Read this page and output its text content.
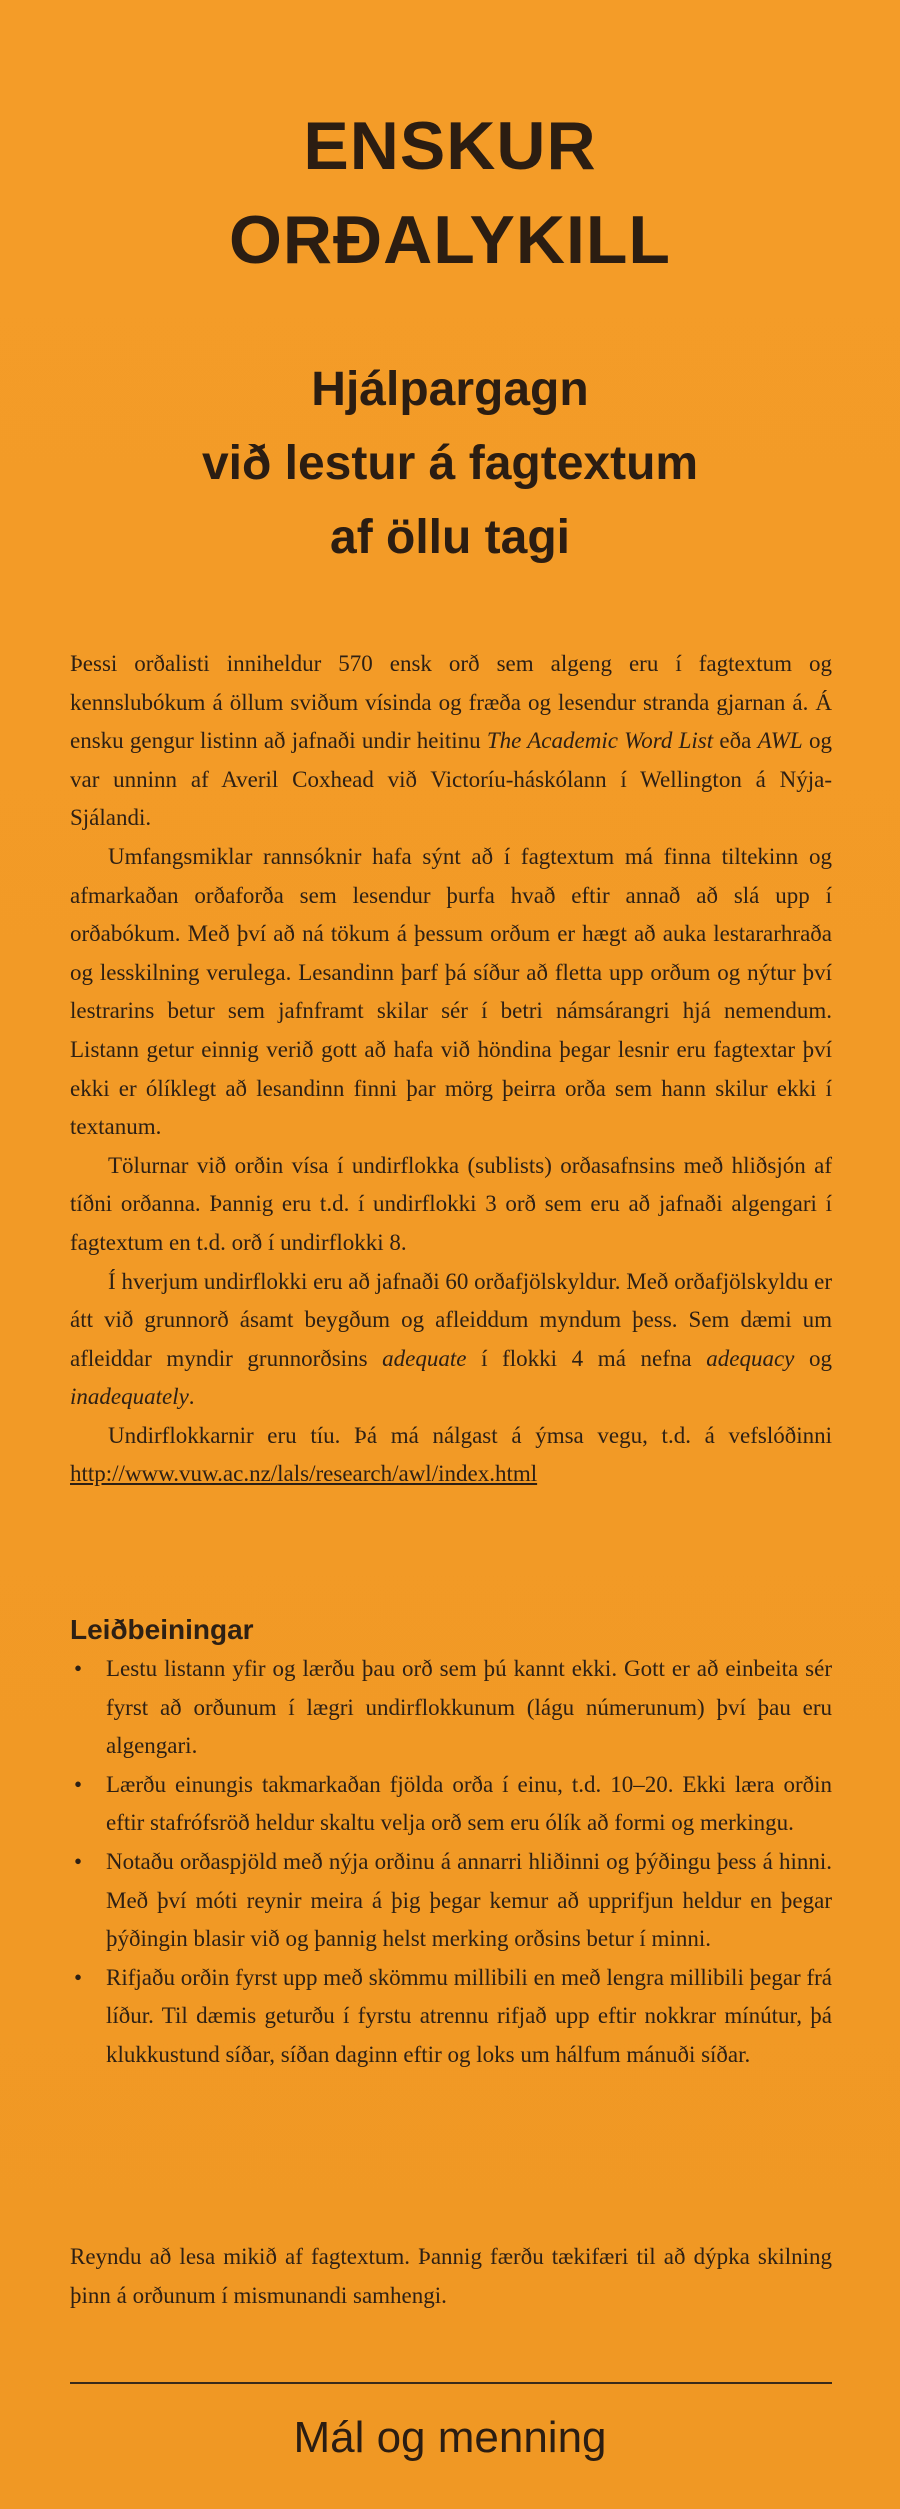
ENSKUR
ORÐALYKILL
Hjálpargagn
við lestur á fagtextum
af öllu tagi

Þessi orðalisti inniheldur 570 ensk orð sem algeng eru í fagtextum og kennslubókum á öllum sviðum vísinda og fræða og lesendur stranda gjarnan á. Á ensku gengur listinn að jafnaði undir heitinu The Academic Word List eða AWL og var unninn af Averil Coxhead við Victoríu-háskólann í Wellington á Nýja-Sjálandi.

Umfangsmiklar rannsóknir hafa sýnt að í fagtextum má finna tiltekinn og afmarkaðan orðaforða sem lesendur þurfa hvað eftir annað að slá upp í orðabókum. Með því að ná tökum á þessum orðum er hægt að auka lestararhraða og lesskilning verulega. Lesandinn þarf þá síður að fletta upp orðum og nýtur því lestrarins betur sem jafnframt skilar sér í betri námsárangri hjá nemendum. Listann getur einnig verið gott að hafa við höndina þegar lesnir eru fagtextar því ekki er ólíklegt að lesandinn finni þar mörg þeirra orða sem hann skilur ekki í textanum.

Tölurnar við orðin vísa í undirflokka (sublists) orðasafnsins með hliðsjón af tíðni orðanna. Þannig eru t.d. í undirflokki 3 orð sem eru að jafnaði algengari í fagtextum en t.d. orð í undirflokki 8.

Í hverjum undirflokki eru að jafnaði 60 orðafjölskyldur. Með orðafjölskyldu er átt við grunnorð ásamt beygðum og afleiddum myndum þess. Sem dæmi um afleiddar myndir grunnorðsins adequate í flokki 4 má nefna adequacy og inadequately.

Undirflokkarnir eru tíu. Þá má nálgast á ýmsa vegu, t.d. á vefslóðinni http://www.vuw.ac.nz/lals/research/awl/index.html

Leiðbeiningar

•	Lestu listann yfir og lærðu þau orð sem þú kannt ekki. Gott er að einbeita sér fyrst að orðunum í lægri undirflokkunum (lágu númerunum) því þau eru algengari.

•	Lærðu einungis takmarkaðan fjölda orða í einu, t.d. 10–20. Ekki læra orðin eftir stafrófsröð heldur skaltu velja orð sem eru ólík að formi og merkingu.

•	Notaðu orðaspjöld með nýja orðinu á annarri hliðinni og þýðingu þess á hinni. Með því móti reynir meira á þig þegar kemur að upprifjun heldur en þegar þýðingin blasir við og þannig helst merking orðsins betur í minni.

•	Rifjaðu orðin fyrst upp með skömmu millibili en með lengra millibili þegar frá líður. Til dæmis geturðu í fyrstu atrennu rifjað upp eftir nokkrar mínútur, þá klukkustund síðar, síðan daginn eftir og loks um hálfum mánuði síðar.

Reyndu að lesa mikið af fagtextum. Þannig færðu tækifæri til að dýpka skilning þinn á orðunum í mismunandi samhengi.
Mál og menning
